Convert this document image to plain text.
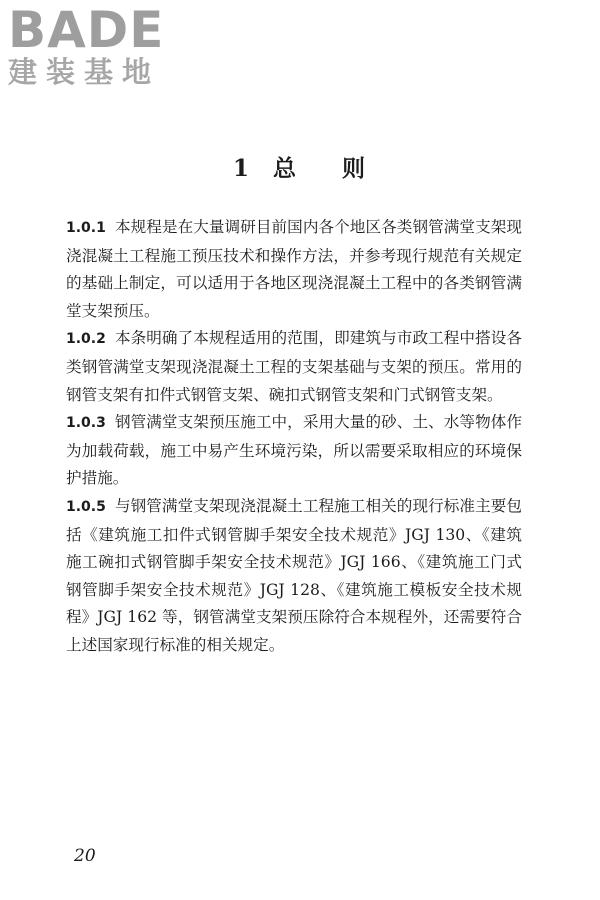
BADE
建装基地
1 总 则

1.0.1 本规程是在大量调研目前国内各个地区各类钢管满堂支架现浇混凝土工程施工预压技术和操作方法，并参考现行规范有关规定的基础上制定，可以适用于各地区现浇混凝土工程中的各类钢管满堂支架预压。

1.0.2 本条明确了本规程适用的范围，即建筑与市政工程中搭设各类钢管满堂支架现浇混凝土工程的支架基础与支架的预压。常用的钢管支架有扣件式钢管支架、碗扣式钢管支架和门式钢管支架。

1.0.3 钢管满堂支架预压施工中，采用大量的砂、土、水等物体作为加载荷载，施工中易产生环境污染，所以需要采取相应的环境保护措施。

1.0.5 与钢管满堂支架现浇混凝土工程施工相关的现行标准主要包括《建筑施工扣件式钢管脚手架安全技术规范》JGJ 130、《建筑施工碗扣式钢管脚手架安全技术规范》JGJ 166、《建筑施工门式钢管脚手架安全技术规范》JGJ 128、《建筑施工模板安全技术规程》JGJ 162 等，钢管满堂支架预压除符合本规程外，还需要符合上述国家现行标准的相关规定。

20
